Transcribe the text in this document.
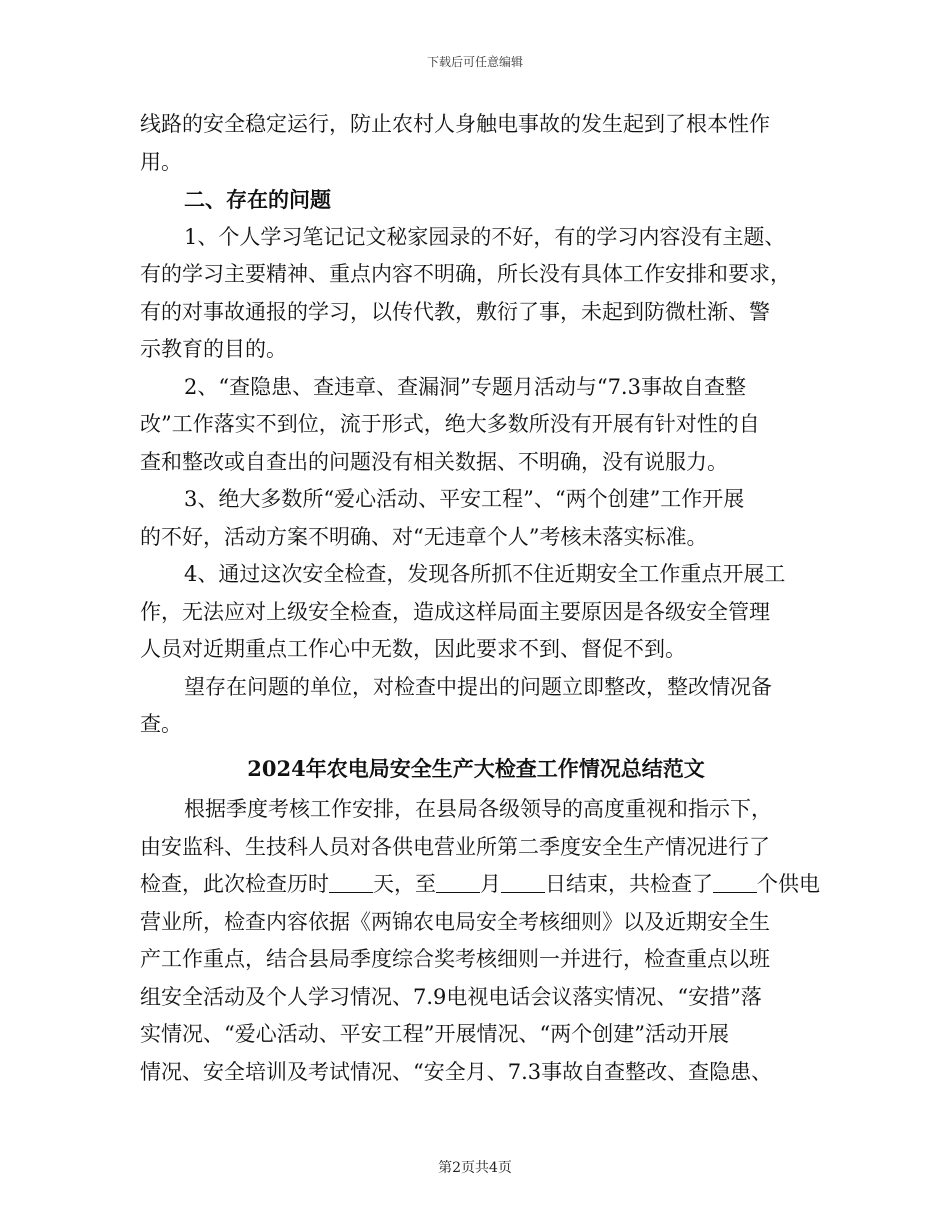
下载后可任意编辑
线路的安全稳定运行，防止农村人身触电事故的发生起到了根本性作
用。
二、存在的问题
1、个人学习笔记记文秘家园录的不好，有的学习内容没有主题、
有的学习主要精神、重点内容不明确，所长没有具体工作安排和要求，
有的对事故通报的学习，以传代教，敷衍了事，未起到防微杜渐、警
示教育的目的。
2、“查隐患、查违章、查漏洞”专题月活动与“7.3事故自查整
改”工作落实不到位，流于形式，绝大多数所没有开展有针对性的自
查和整改或自查出的问题没有相关数据、不明确，没有说服力。
3、绝大多数所“爱心活动、平安工程”、“两个创建”工作开展
的不好，活动方案不明确、对“无违章个人”考核未落实标准。
4、通过这次安全检查，发现各所抓不住近期安全工作重点开展工
作，无法应对上级安全检查，造成这样局面主要原因是各级安全管理
人员对近期重点工作心中无数，因此要求不到、督促不到。
望存在问题的单位，对检查中提出的问题立即整改，整改情况备
查。
2024年农电局安全生产大检查工作情况总结范文
根据季度考核工作安排，在县局各级领导的高度重视和指示下，
由安监科、生技科人员对各供电营业所第二季度安全生产情况进行了
检查，此次检查历时 天，至 月 日结束，共检查了 个供电
营业所，检查内容依据《两锦农电局安全考核细则》以及近期安全生
产工作重点，结合县局季度综合奖考核细则一并进行，检查重点以班
组安全活动及个人学习情况、7.9电视电话会议落实情况、“安措”落
实情况、“爱心活动、平安工程”开展情况、“两个创建”活动开展
情况、安全培训及考试情况、“安全月、7.3事故自查整改、查隐患、
第2页共4页
